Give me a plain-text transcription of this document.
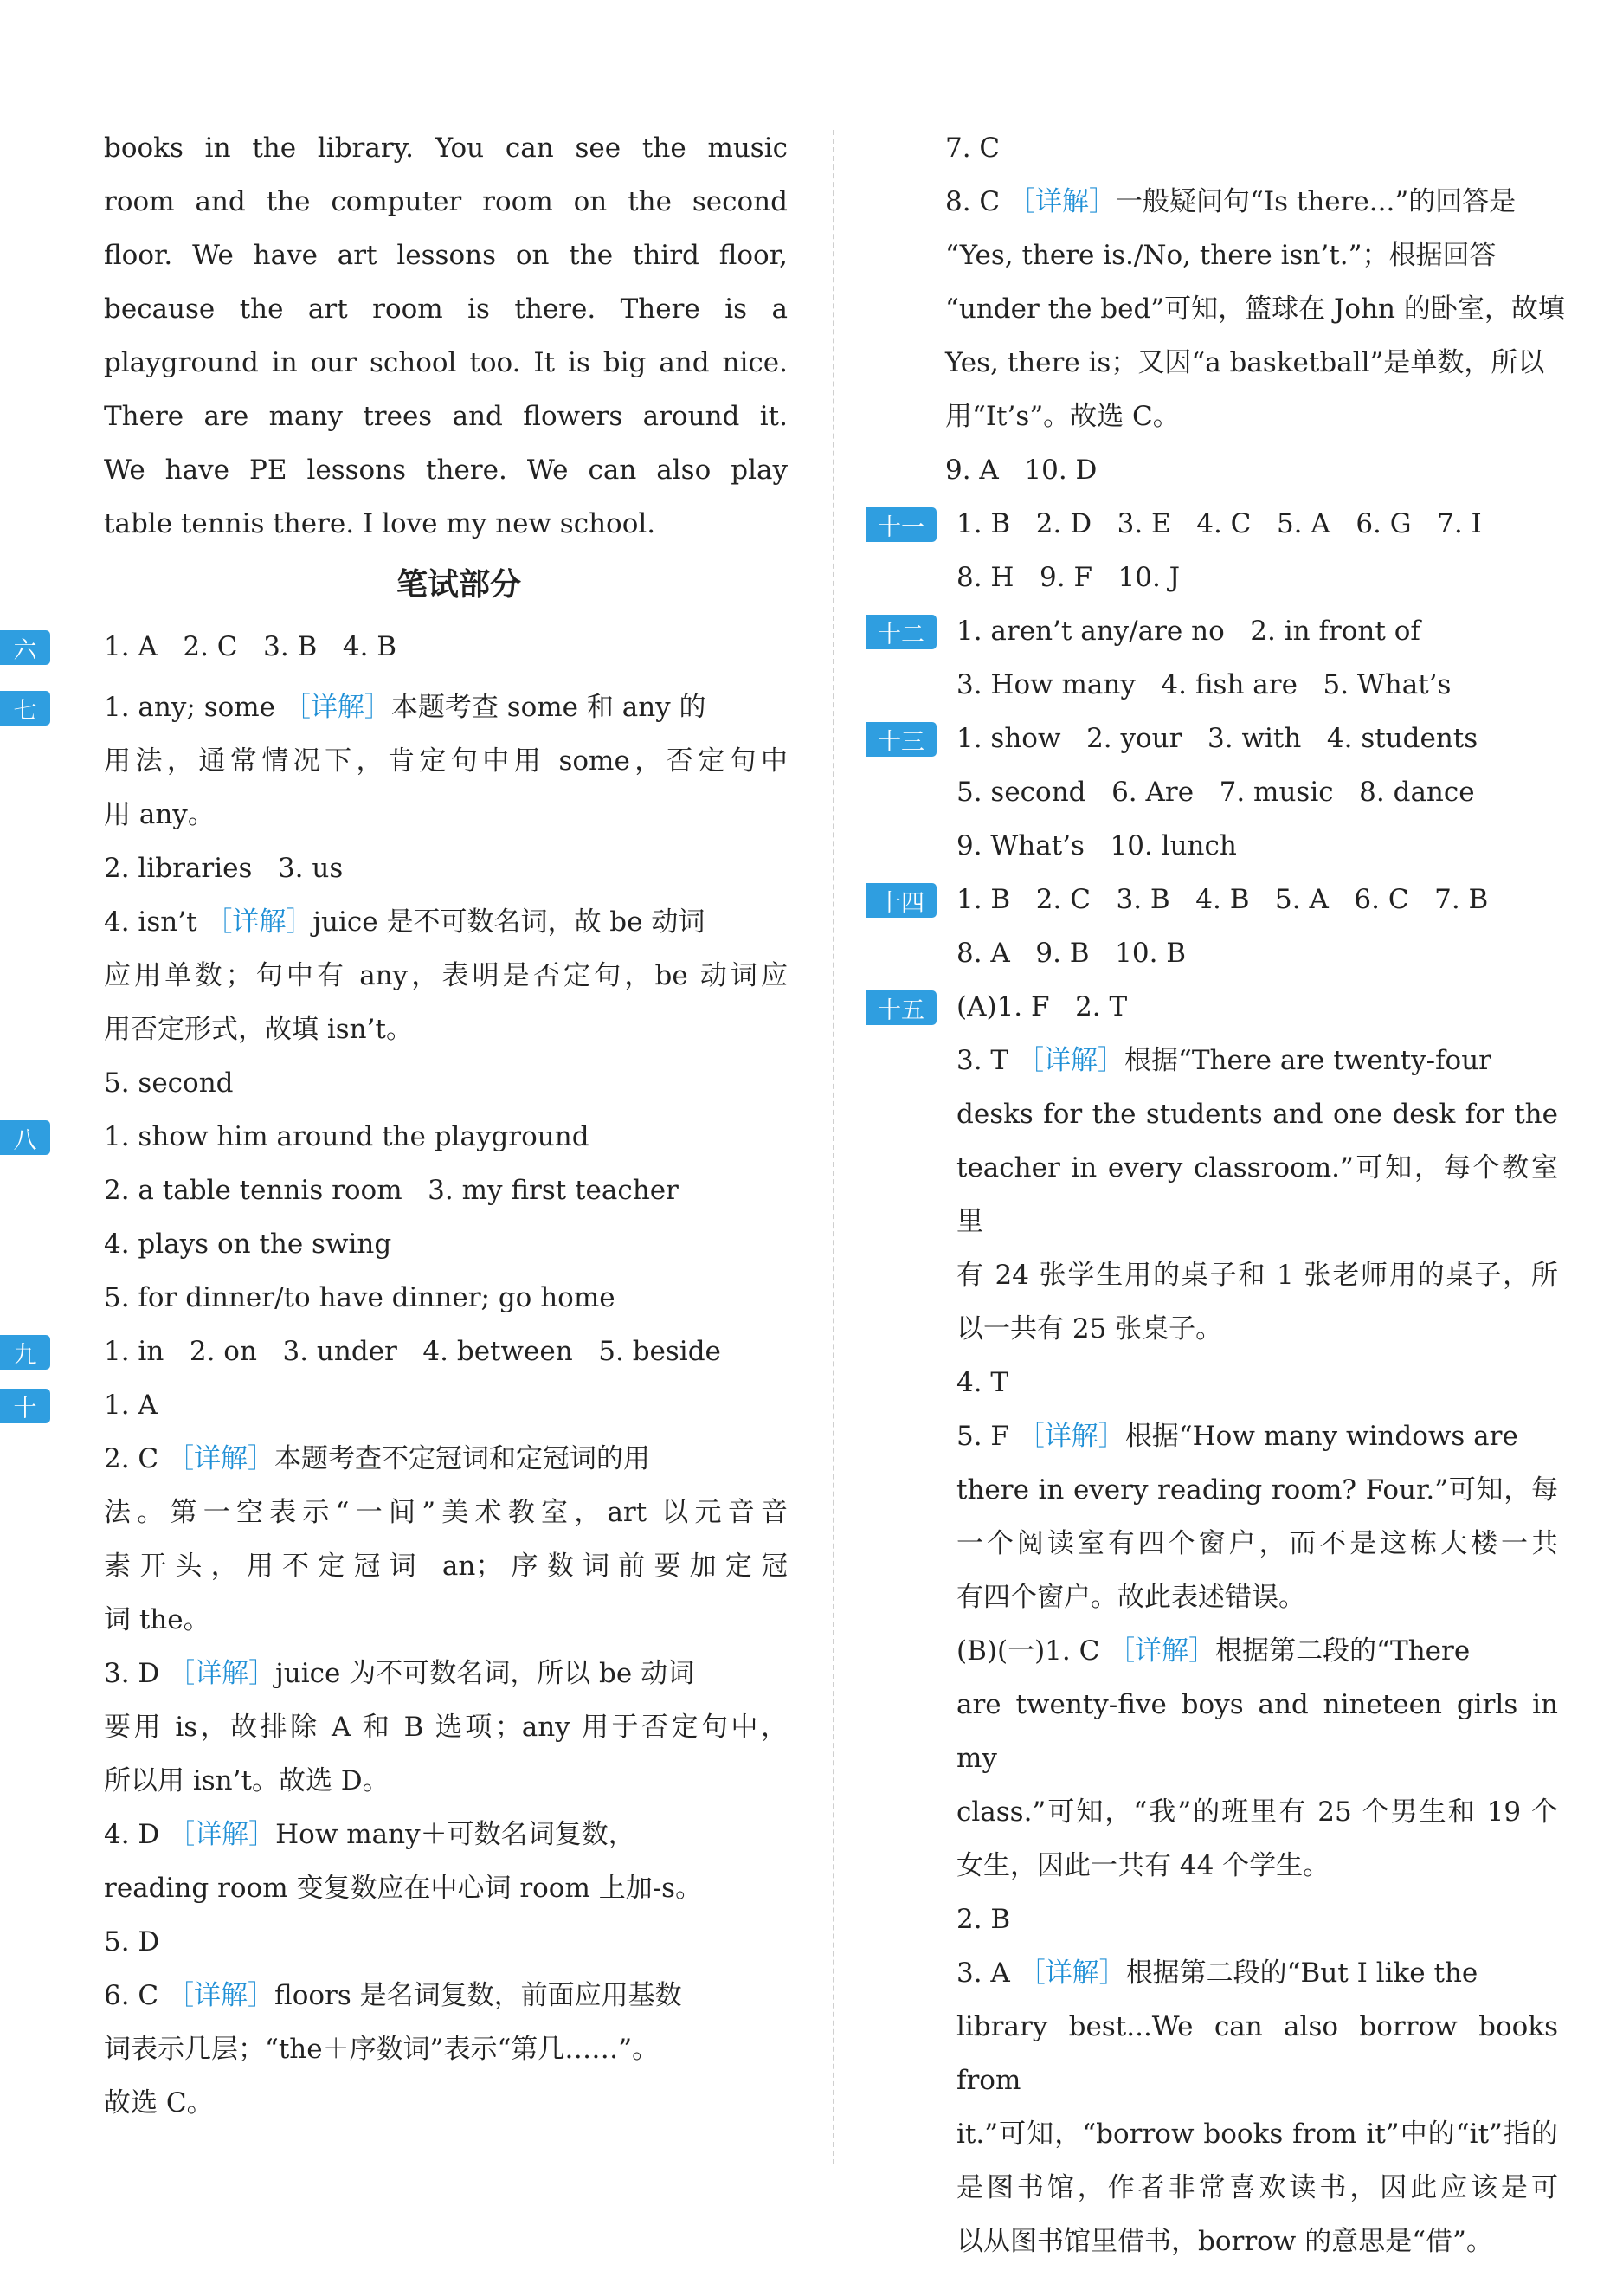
books in the library. You can see the music
room and the computer room on the second
floor. We have art lessons on the third floor,
because the art room is there. There is a
playground in our school too. It is big and nice.
There are many trees and flowers around it.
We have PE lessons there. We can also play
table tennis there. I love my new school.
笔试部分
六	1. A   2. C   3. B   4. B
七	1. any; some ［详解］本题考查 some 和 any 的
用法，通常情况下，肯定句中用 some，否定句中
用 any。
2. libraries   3. us
4. isn’t ［详解］juice 是不可数名词，故 be 动词
应用单数；句中有 any，表明是否定句，be 动词应
用否定形式，故填 isn’t。
5. second
八	1. show him around the playground
2. a table tennis room   3. my first teacher
4. plays on the swing
5. for dinner/to have dinner; go home
九	1. in   2. on   3. under   4. between   5. beside
十	1. A
2. C ［详解］本题考查不定冠词和定冠词的用
法。第一空表示“一间”美术教室，art 以元音音
素开头，用不定冠词 an；序数词前要加定冠
词 the。
3. D ［详解］juice 为不可数名词，所以 be 动词
要用 is，故排除 A 和 B 选项；any 用于否定句中，
所以用 isn’t。故选 D。
4. D ［详解］How many＋可数名词复数，
reading room 变复数应在中心词 room 上加-s。
5. D
6. C ［详解］floors 是名词复数，前面应用基数
词表示几层；“the＋序数词”表示“第几……”。
故选 C。
7. C
8. C ［详解］一般疑问句“Is there...”的回答是
“Yes, there is./No, there isn’t.”；根据回答
“under the bed”可知，篮球在 John 的卧室，故填
Yes, there is；又因“a basketball”是单数，所以
用“It’s”。故选 C。
9. A   10. D
十一	1. B   2. D   3. E   4. C   5. A   6. G   7. I
8. H   9. F   10. J
十二	1. aren’t any/are no   2. in front of
3. How many   4. fish are   5. What’s
十三	1. show   2. your   3. with   4. students
5. second   6. Are   7. music   8. dance
9. What’s   10. lunch
十四	1. B   2. C   3. B   4. B   5. A   6. C   7. B
8. A   9. B   10. B
十五	(A)1. F   2. T
3. T ［详解］根据“There are twenty-four
desks for the students and one desk for the
teacher in every classroom.”可知，每个教室里
有 24 张学生用的桌子和 1 张老师用的桌子，所
以一共有 25 张桌子。
4. T
5. F ［详解］根据“How many windows are
there in every reading room? Four.”可知，每
一个阅读室有四个窗户，而不是这栋大楼一共
有四个窗户。故此表述错误。
(B)(一)1. C ［详解］根据第二段的“There
are twenty-five boys and nineteen girls in my
class.”可知，“我”的班里有 25 个男生和 19 个
女生，因此一共有 44 个学生。
2. B
3. A ［详解］根据第二段的“But I like the
library best...We can also borrow books from
it.”可知，“borrow books from it”中的“it”指的
是图书馆，作者非常喜欢读书，因此应该是可
以从图书馆里借书，borrow 的意思是“借”。
